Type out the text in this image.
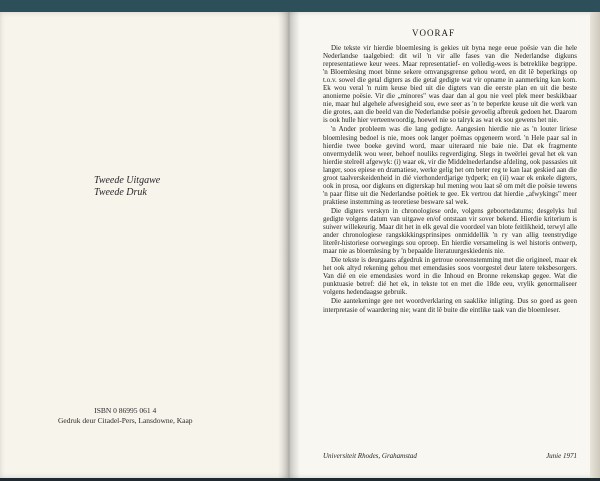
Tweede Uitgawe
Tweede Druk
ISBN 0 86995 061 4
Gedruk deur Citadel-Pers, Lansdowne, Kaap
VOORAF

Die tekste vir hierdie bloemlesing is gekies uit byna nege eeue poësie van die hele Nederlandse taalgebied: dit wil 'n vir alle fases van die Nederlandse digkuns representatiewe keur wees. Maar representatief- en volledig-wees is betreklike begrippe. 'n Bloemlesing moet binne sekere omvangsgrense gehou word, en dit lê beperkings op t.o.v. sowel die getal digters as die getal gedigte wat vir opname in aanmerking kan kom. Ek wou veral 'n ruim keuse bied uit die digters van die eerste plan en uit die beste anonieme poësie. Vir die „minores" was daar dan al gou nie veel plek meer beskikbaar nie, maar hul algehele afwesigheid sou, ewe seer as 'n te beperkte keuse uit die werk van die grotes, aan die beeld van die Nederlandse poësie gevoelig afbreuk gedoen het. Daarom is ook hulle hier verteenwoordig, hoewel nie so talryk as wat ek sou gewens het nie.

'n Ander probleem was die lang gedigte. Aangesien hierdie nie as 'n louter liriese bloemlesing bedoel is nie, moes ook langer poëmas opgeneem word. 'n Hele paar sal in hierdie twee boeke gevind word, maar uiteraard nie baie nie. Dat ek fragmente onvermydelik wou weer, behoef nouliks regverdiging. Slegs in tweërlei geval het ek van hierdie stelreël afgewyk: (i) waar ek, vir die Middelnederlandse afdeling, ook passasies uit langer, soos epiese en dramatiese, werke gelig het om beter reg te kan laat geskied aan die groot taalverskeidenheid in dié vierhonderdjarige tydperk; en (ii) waar ek enkele digters, ook in prosa, oor digkuns en digterskap hul mening wou laat sê om mét die poësie tewens 'n paar flitse uit die Nederlandse poëtiek te gee. Ek vertrou dat hierdie „afwykings" meer praktiese instemming as teoretiese besware sal wek.

Die digters verskyn in chronologiese orde, volgens geboortedatums; desgelyks hul gedigte volgens datum van uitgawe en/of ontstaan vir sover bekend. Hierdie kriterium is suiwer willekeurig. Maar dit het in elk geval die voordeel van blote feitlikheid, terwyl alle ander chronologiese rangskikkingsprinsipes onmiddellik 'n ry van allig teenstrydige literêr-historiese oorwegings sou oproep. En hierdie versameling is wel historis ontwerp, maar nie as bloemlesing by 'n bepaalde literatuurgeskiedenis nie.

Die tekste is deurgaans afgedruk in getroue ooreenstemming met die origineel, maar ek het ook altyd rekening gehou met emendasies soos voorgestel deur latere teksbesorgers. Van dié en eie emendasies word in die Inhoud en Bronne rekenskap gegee. Wat die punktuasie betref: dié het ek, in tekste tot en met die 18de eeu, vrylik genormaliseer volgens hedendaagse gebruik.

Die aantekeninge gee net woordverklaring en saaklike inligting. Dus so goed as geen interpretasie of waardering nie; want dit lê buite die eintlike taak van die bloemleser.

Universiteit Rhodes, Grahamstad	Junie 1971
